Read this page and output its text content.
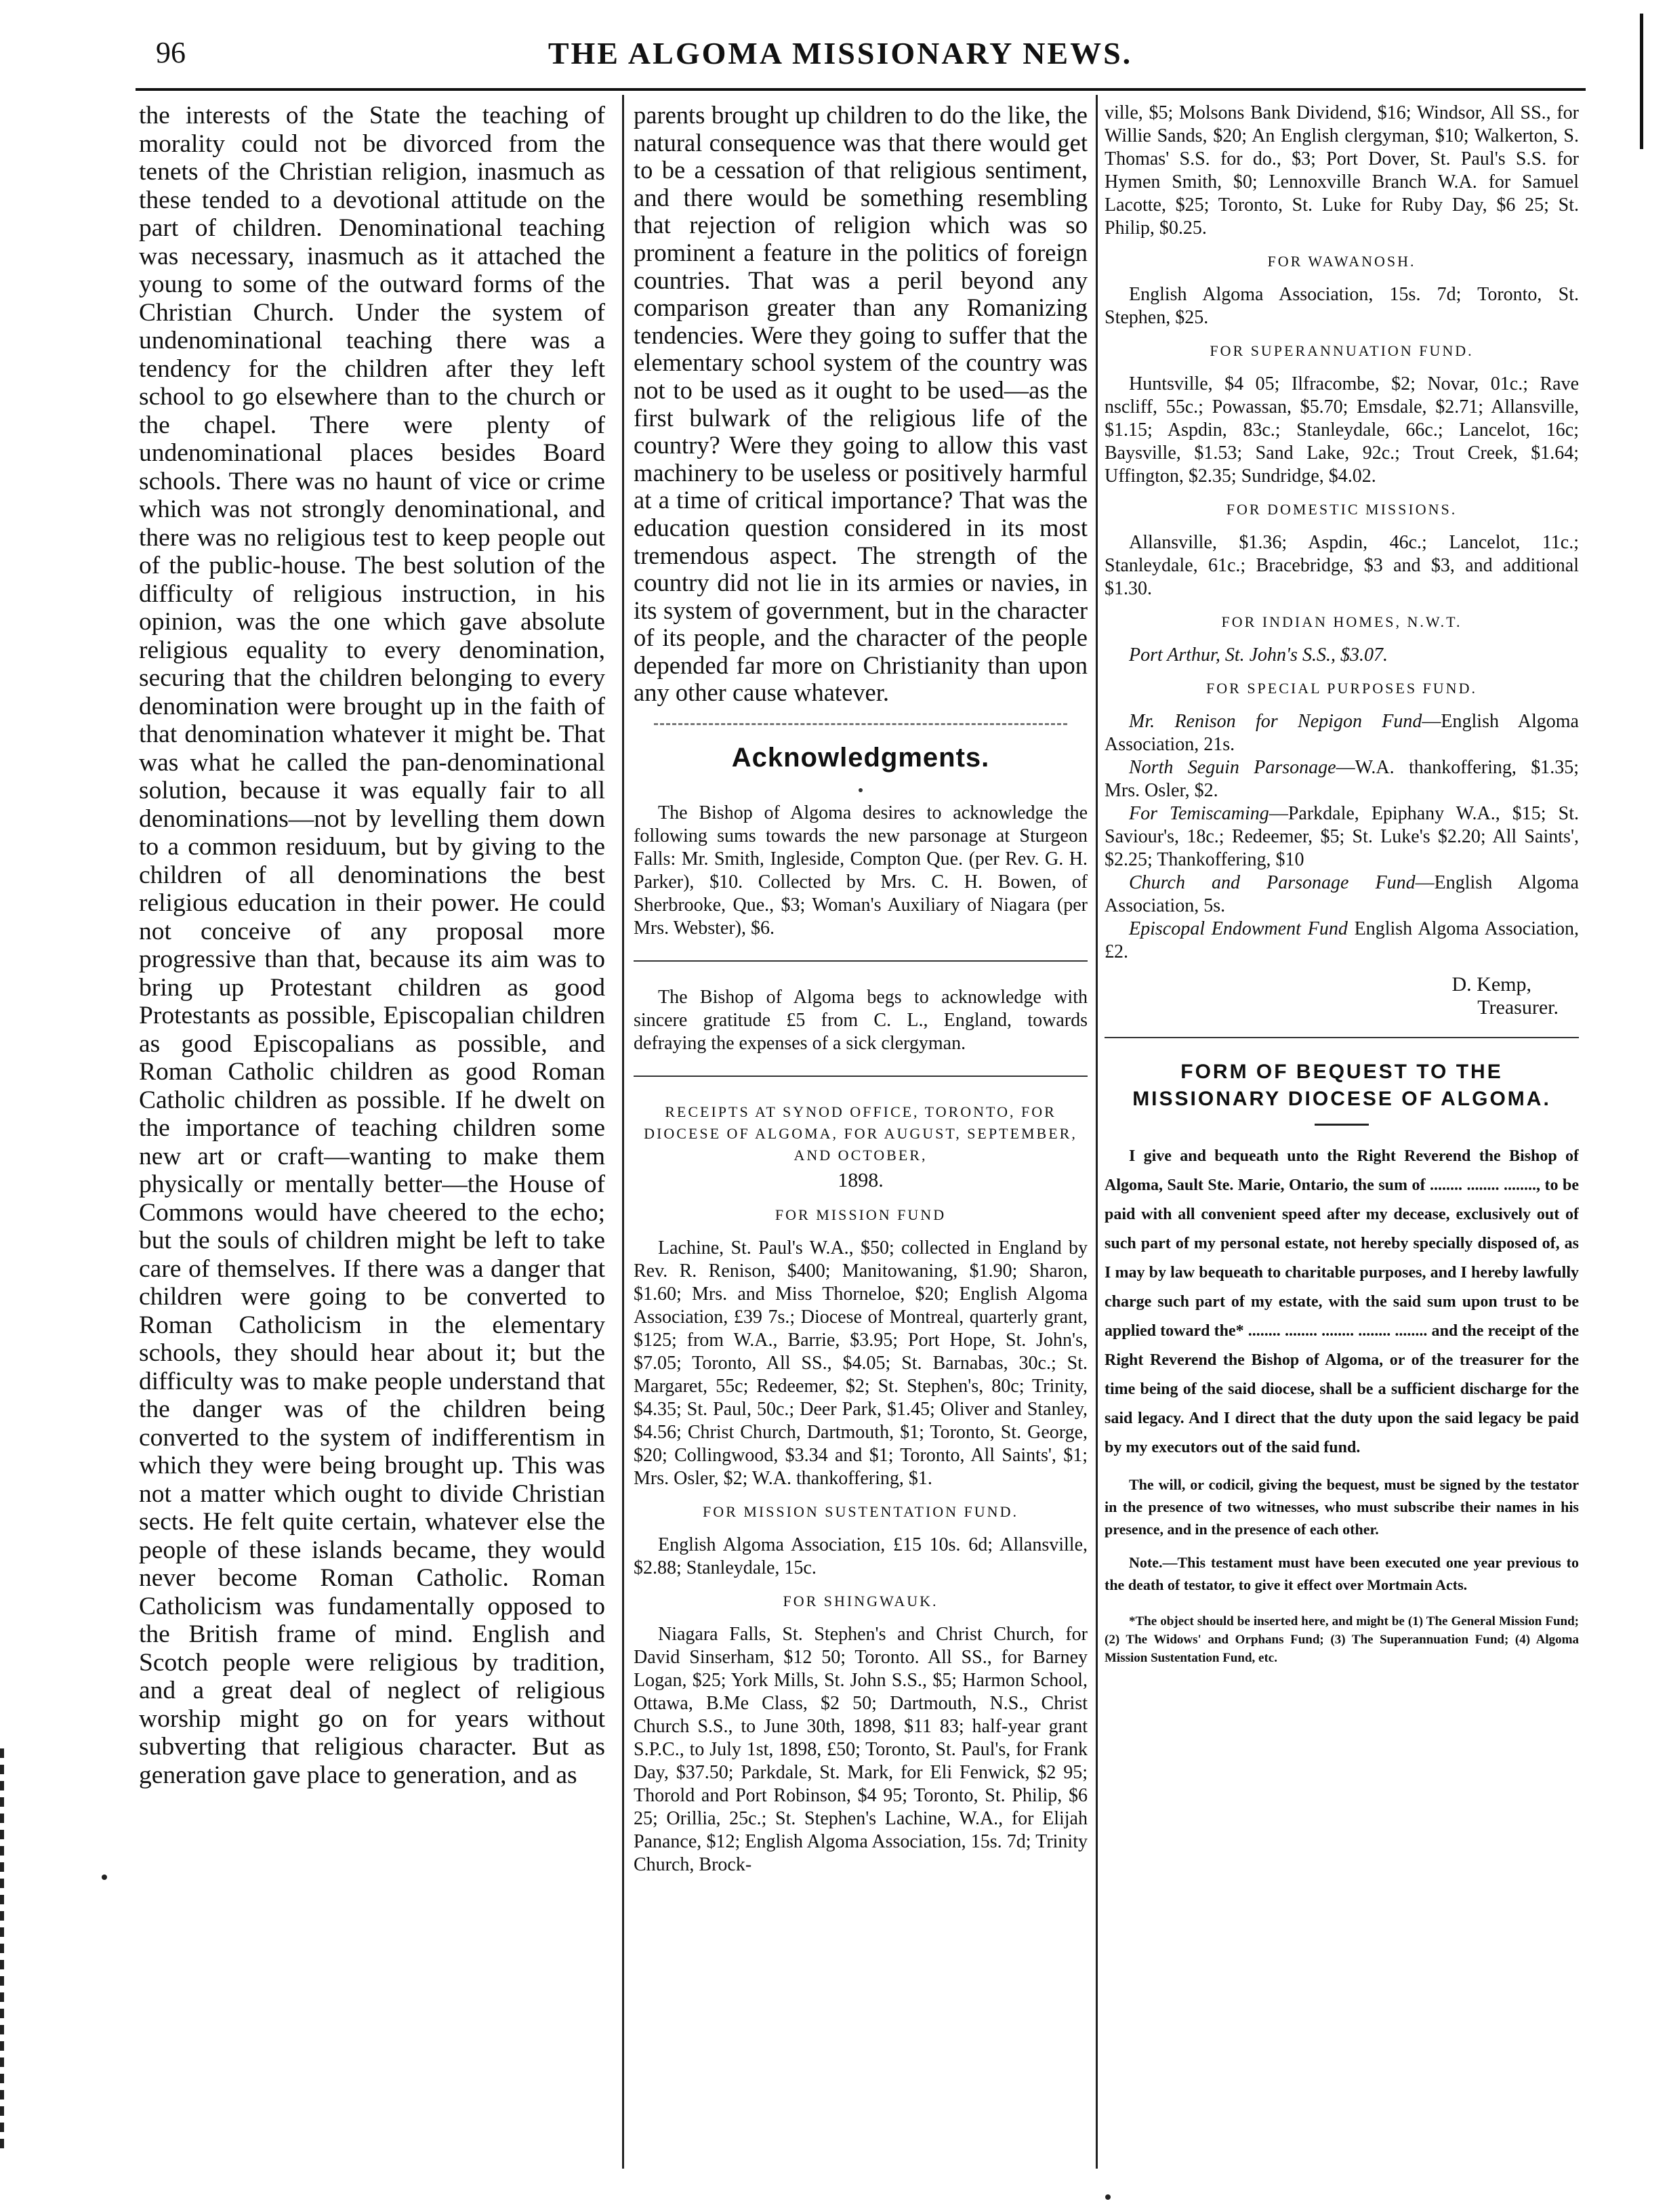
96	THE ALGOMA MISSIONARY NEWS.

the interests of the State the teaching of morality could not be divorced from the tenets of the Christian religion, inasmuch as these tended to a devotional attitude on the part of children. Denominational teaching was necessary, inasmuch as it attached the young to some of the outward forms of the Christian Church. Under the system of undenominational teaching there was a tendency for the children after they left school to go elsewhere than to the church or the chapel. There were plenty of undenominational places besides Board schools. There was no haunt of vice or crime which was not strongly denominational, and there was no religious test to keep people out of the public-house. The best solution of the difficulty of religious instruction, in his opinion, was the one which gave absolute religious equality to every denomination, securing that the children belonging to every denomination were brought up in the faith of that denomination whatever it might be. That was what he called the pan-denominational solution, because it was equally fair to all denominations—not by levelling them down to a common residuum, but by giving to the children of all denominations the best religious education in their power. He could not conceive of any proposal more progressive than that, because its aim was to bring up Protestant children as good Protestants as possible, Episcopalian children as good Episcopalians as possible, and Roman Catholic children as good Roman Catholic children as possible. If he dwelt on the importance of teaching children some new art or craft—wanting to make them physically or mentally better—the House of Commons would have cheered to the echo; but the souls of children might be left to take care of themselves. If there was a danger that children were going to be converted to Roman Catholicism in the elementary schools, they should hear about it; but the difficulty was to make people understand that the danger was of the children being converted to the system of indifferentism in which they were being brought up. This was not a matter which ought to divide Christian sects. He felt quite certain, whatever else the people of these islands became, they would never become Roman Catholic. Roman Catholicism was fundamentally opposed to the British frame of mind. English and Scotch people were religious by tradition, and a great deal of neglect of religious worship might go on for years without subverting that religious character. But as generation gave place to generation, and as

parents brought up children to do the like, the natural consequence was that there would get to be a cessation of that religious sentiment, and there would be something resembling that rejection of religion which was so prominent a feature in the politics of foreign countries. That was a peril beyond any comparison greater than any Romanizing tendencies. Were they going to suffer that the elementary school system of the country was not to be used as it ought to be used—as the first bulwark of the religious life of the country? Were they going to allow this vast machinery to be useless or positively harmful at a time of critical importance? That was the education question considered in its most tremendous aspect. The strength of the country did not lie in its armies or navies, in its system of government, but in the character of its people, and the character of the people depended far more on Christianity than upon any other cause whatever.

Acknowledgments.

The Bishop of Algoma desires to acknowledge the following sums towards the new parsonage at Sturgeon Falls: Mr. Smith, Ingleside, Compton Que. (per Rev. G. H. Parker), $10. Collected by Mrs. C. H. Bowen, of Sherbrooke, Que., $3; Woman's Auxiliary of Niagara (per Mrs. Webster), $6.

The Bishop of Algoma begs to acknowledge with sincere gratitude £5 from C. L., England, towards defraying the expenses of a sick clergyman.

RECEIPTS AT SYNOD OFFICE, TORONTO, FOR DIOCESE OF ALGOMA, FOR AUGUST, SEPTEMBER, AND OCTOBER,

1898.

FOR MISSION FUND

Lachine, St. Paul's W.A., $50; collected in England by Rev. R. Renison, $400; Manitowaning, $1.90; Sharon, $1.60; Mrs. and Miss Thorneloe, $20; English Algoma Association, £39 7s.; Diocese of Montreal, quarterly grant, $125; from W.A., Barrie, $3.95; Port Hope, St. John's, $7.05; Toronto, All SS., $4.05; St. Barnabas, 30c.; St. Margaret, 55c; Redeemer, $2; St. Stephen's, 80c; Trinity, $4.35; St. Paul, 50c.; Deer Park, $1.45; Oliver and Stanley, $4.56; Christ Church, Dartmouth, $1; Toronto, St. George, $20; Collingwood, $3.34 and $1; Toronto, All Saints', $1; Mrs. Osler, $2; W.A. thankoffering, $1.

FOR MISSION SUSTENTATION FUND.

English Algoma Association, £15 10s. 6d; Allansville, $2.88; Stanleydale, 15c.

FOR SHINGWAUK.

Niagara Falls, St. Stephen's and Christ Church, for David Sinserham, $12 50; Toronto. All SS., for Barney Logan, $25; York Mills, St. John S.S., $5; Harmon School, Ottawa, B.Me Class, $2 50; Dartmouth, N.S., Christ Church S.S., to June 30th, 1898, $11 83; half-year grant S.P.C., to July 1st, 1898, £50; Toronto, St. Paul's, for Frank Day, $37.50; Parkdale, St. Mark, for Eli Fenwick, $2 95; Thorold and Port Robinson, $4 95; Toronto, St. Philip, $6 25; Orillia, 25c.; St. Stephen's Lachine, W.A., for Elijah Panance, $12; English Algoma Association, 15s. 7d; Trinity Church, Brock-

ville, $5; Molsons Bank Dividend, $16; Windsor, All SS., for Willie Sands, $20; An English clergyman, $10; Walkerton, S. Thomas' S.S. for do., $3; Port Dover, St. Paul's S.S. for Hymen Smith, $0; Lennoxville Branch W.A. for Samuel Lacotte, $25; Toronto, St. Luke for Ruby Day, $6 25; St. Philip, $0.25.

FOR WAWANOSH.

English Algoma Association, 15s. 7d; Toronto, St. Stephen, $25.

FOR SUPERANNUATION FUND.

Huntsville, $4 05; Ilfracombe, $2; Novar, 01c.; Rave nscliff, 55c.; Powassan, $5.70; Emsdale, $2.71; Allansville, $1.15; Aspdin, 83c.; Stanleydale, 66c.; Lancelot, 16c; Baysville, $1.53; Sand Lake, 92c.; Trout Creek, $1.64; Uffington, $2.35; Sundridge, $4.02.

FOR DOMESTIC MISSIONS.

Allansville, $1.36; Aspdin, 46c.; Lancelot, 11c.; Stanleydale, 61c.; Bracebridge, $3 and $3, and additional $1.30.

FOR INDIAN HOMES, N.W.T.

Port Arthur, St. John's S.S., $3.07.

FOR SPECIAL PURPOSES FUND.

Mr. Renison for Nepigon Fund—English Algoma Association, 21s.

North Seguin Parsonage—W.A. thankoffering, $1.35; Mrs. Osler, $2.

For Temiscaming—Parkdale, Epiphany W.A., $15; St. Saviour's, 18c.; Redeemer, $5; St. Luke's $2.20; All Saints', $2.25; Thankoffering, $10

Church and Parsonage Fund—English Algoma Association, 5s.

Episcopal Endowment Fund English Algoma Association, £2.

D. Kemp,

Treasurer.

FORM OF BEQUEST TO THE MISSIONARY DIOCESE OF ALGOMA.

I give and bequeath unto the Right Reverend the Bishop of Algoma, Sault Ste. Marie, Ontario, the sum of ........ ........ ........, to be paid with all convenient speed after my decease, exclusively out of such part of my personal estate, not hereby specially disposed of, as I may by law bequeath to charitable purposes, and I hereby lawfully charge such part of my estate, with the said sum upon trust to be applied toward the* ........ ........ ........ ........ ........ and the receipt of the Right Reverend the Bishop of Algoma, or of the treasurer for the time being of the said diocese, shall be a sufficient discharge for the said legacy. And I direct that the duty upon the said legacy be paid by my executors out of the said fund.

The will, or codicil, giving the bequest, must be signed by the testator in the presence of two witnesses, who must subscribe their names in his presence, and in the presence of each other.

Note.—This testament must have been executed one year previous to the death of testator, to give it effect over Mortmain Acts.

*The object should be inserted here, and might be (1) The General Mission Fund; (2) The Widows' and Orphans Fund; (3) The Superannuation Fund; (4) Algoma Mission Sustentation Fund, etc.
